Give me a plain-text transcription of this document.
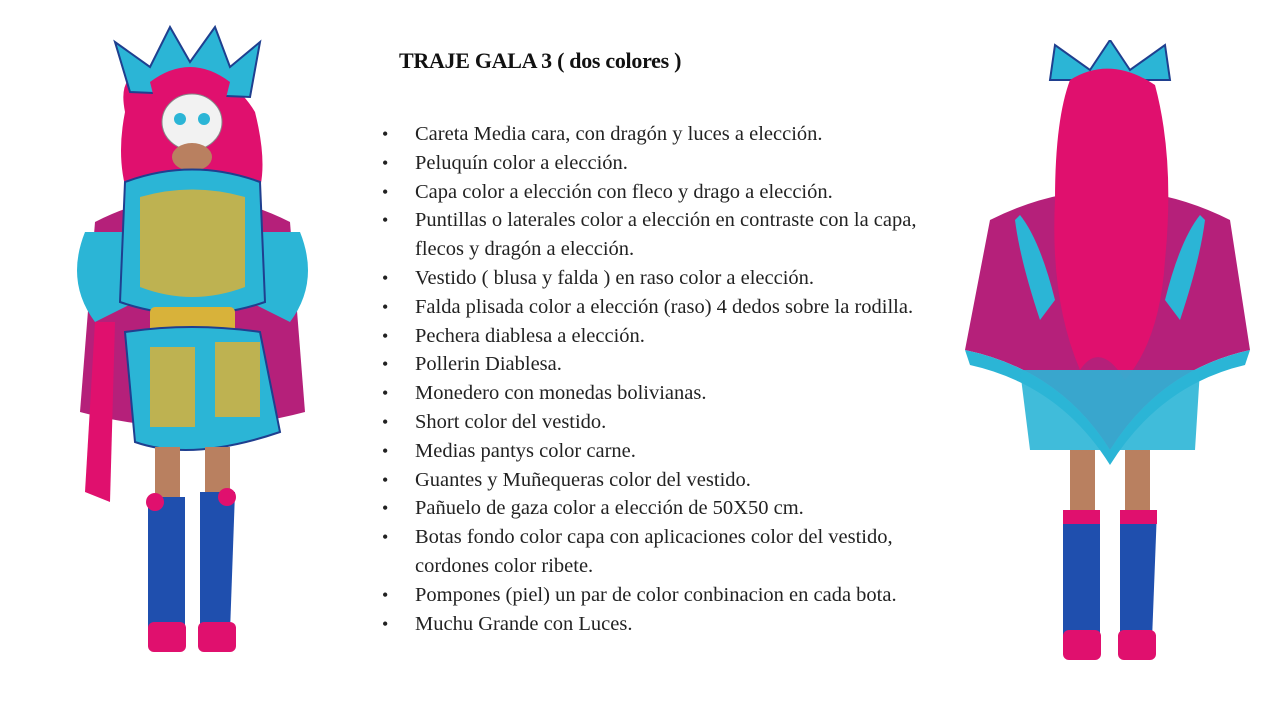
TRAJE GALA 3 ( dos colores )
• Careta Media cara, con dragón y luces a elección.
• Peluquín color a elección.
• Capa color a elección con fleco y drago a elección.
• Puntillas o laterales color a elección en contraste con la capa, flecos y dragón a elección.
• Vestido ( blusa y falda ) en raso color a elección.
• Falda plisada color a elección (raso) 4 dedos sobre la rodilla.
• Pechera diablesa a elección.
• Pollerin Diablesa.
• Monedero con monedas bolivianas.
• Short color del vestido.
• Medias pantys color carne.
• Guantes y Muñequeras color del vestido.
• Pañuelo de gaza color a elección de 50X50 cm.
• Botas fondo color capa con aplicaciones color del vestido, cordones color ribete.
• Pompones (piel) un par de color conbinacion en cada bota.
• Muchu Grande con Luces.
